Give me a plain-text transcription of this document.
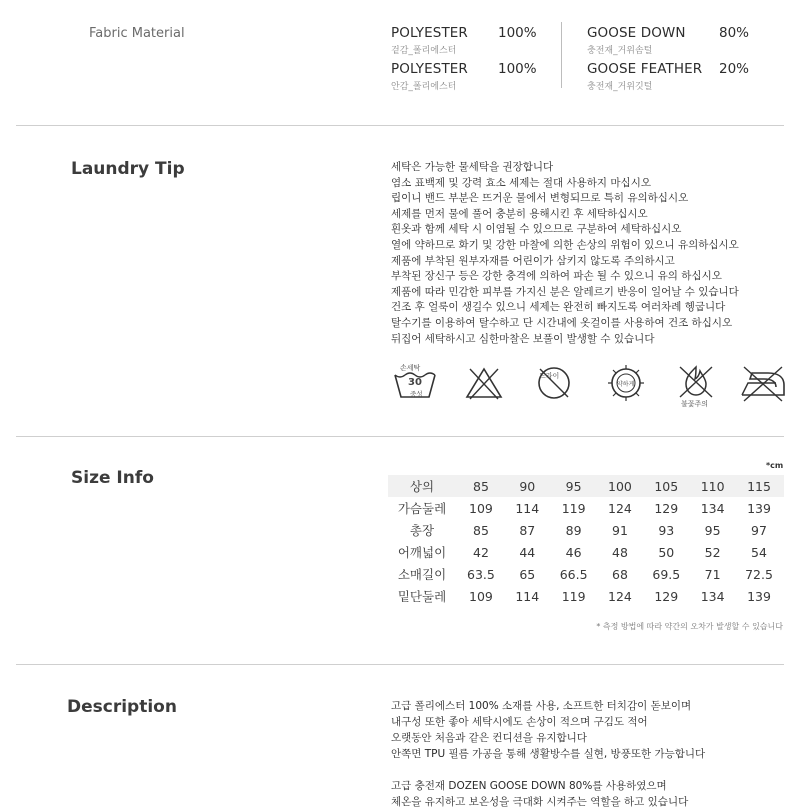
Fabric Material	POLYESTER	100%
겉감_폴리에스터
POLYESTER	100%
안감_폴리에스터
GOOSE DOWN	80%
충전재_거위솜털
GOOSE FEATHER	20%
충전재_거위깃털
Laundry Tip	세탁은 가능한 물세탁을 권장합니다
염소 표백제 및 강력 효소 세제는 절대 사용하지 마십시오
립이니 밴드 부분은 뜨거운 물에서 변형되므로 특히 유의하십시오
세제를 먼저 물에 풀어 충분히 용해시킨 후 세탁하십시오
흰옷과 함께 세탁 시 이염될 수 있으므로 구분하여 세탁하십시오
열에 약하므로 화기 및 강한 마찰에 의한 손상의 위험이 있으니 유의하십시오
제품에 부착된 원부자재를 어린이가 삼키지 않도록 주의하시고
부착된 장신구 등은 강한 충격에 의하여 파손 될 수 있으니 유의 하십시오
제품에 따라 민감한 피부를 가지신 분은 알레르기 반응이 일어날 수 있습니다
건조 후 얼룩이 생길수 있으니 세제는 완전히 빠지도록 여러차례 헹굽니다
탈수기를 이용하여 탈수하고 단 시간내에 옷걸이를 사용하여 건조 하십시오
뒤집어 세탁하시고 심한마찰은 보풀이 발생할 수 있습니다
손세탁
30
중성
드라이
약하게
불꽃주의
Size Info
*cm
상의	85	90	95	100	105	110	115
가슴둘레	109	114	119	124	129	134	139
총장	85	87	89	91	93	95	97
어깨넓이	42	44	46	48	50	52	54
소매길이	63.5	65	66.5	68	69.5	71	72.5
밑단둘레	109	114	119	124	129	134	139
* 측정 방법에 따라 약간의 오차가 발생할 수 있습니다
Description	고급 폴리에스터 100% 소재를 사용, 소프트한 터치감이 돋보이며
내구성 또한 좋아 세탁시에도 손상이 적으며 구김도 적어
오랫동안 처음과 같은 컨디션을 유지합니다
안쪽면 TPU 필름 가공을 통해 생활방수를 실현, 방풍또한 가능합니다
고급 충전재 DOZEN GOOSE DOWN 80%를 사용하였으며
체온을 유지하고 보온성을 극대화 시켜주는 역할을 하고 있습니다
